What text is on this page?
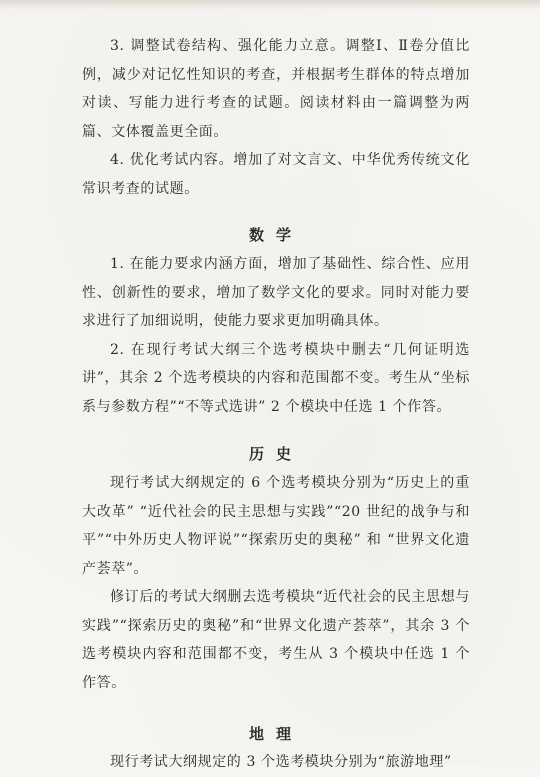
3. 调整试卷结构、强化能力立意。调整Ⅰ、Ⅱ卷分值比例，减少对记忆性知识的考查，并根据考生群体的特点增加对读、写能力进行考查的试题。阅读材料由一篇调整为两篇、文体覆盖更全面。

4. 优化考试内容。增加了对文言文、中华优秀传统文化常识考查的试题。

数学

1. 在能力要求内涵方面，增加了基础性、综合性、应用性、创新性的要求，增加了数学文化的要求。同时对能力要求进行了加细说明，使能力要求更加明确具体。

2. 在现行考试大纲三个选考模块中删去“几何证明选讲”，其余 2 个选考模块的内容和范围都不变。考生从“坐标系与参数方程”“不等式选讲” 2 个模块中任选 1 个作答。

历史

现行考试大纲规定的 6 个选考模块分别为“历史上的重大改革” “近代社会的民主思想与实践”“20 世纪的战争与和平”“中外历史人物评说”“探索历史的奥秘” 和 “世界文化遗产荟萃”。

修订后的考试大纲删去选考模块“近代社会的民主思想与实践”“探索历史的奥秘”和“世界文化遗产荟萃”，其余 3 个选考模块内容和范围都不变，考生从 3 个模块中任选 1 个作答。

地理

现行考试大纲规定的 3 个选考模块分别为“旅游地理”
